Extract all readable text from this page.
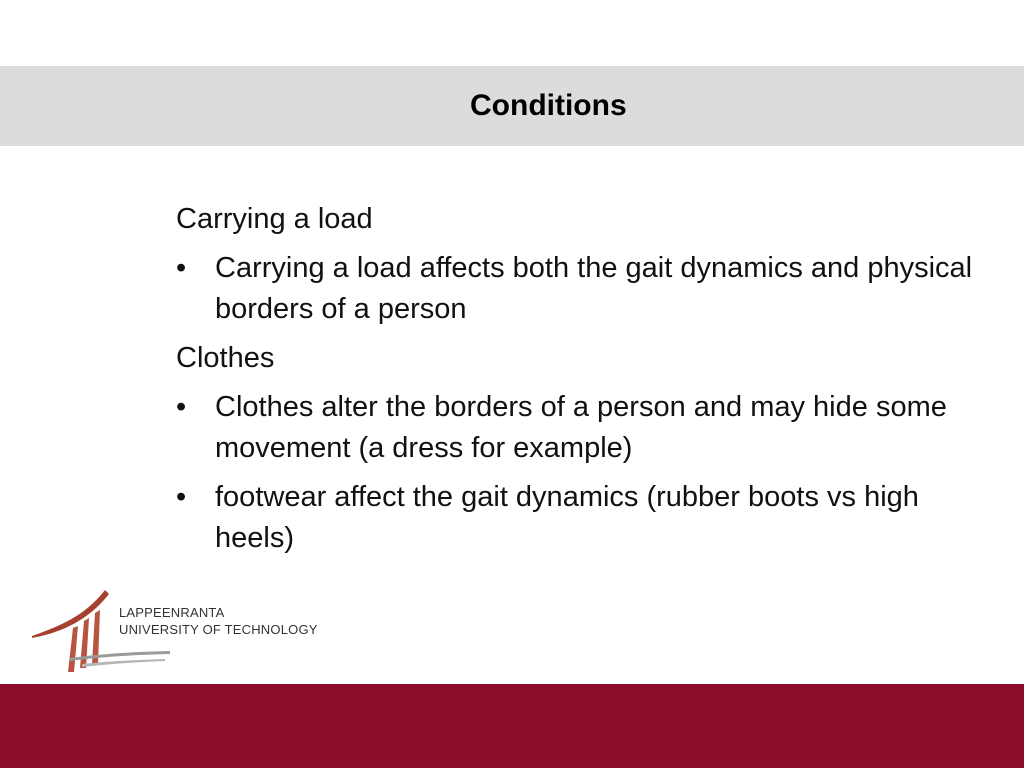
Conditions

Carrying a load

• Carrying a load affects both the gait dynamics and physical borders of a person

Clothes

• Clothes alter the borders of a person and may hide some movement (a dress for example)
• footwear affect the gait dynamics (rubber boots vs high heels)
LAPPEENRANTA
UNIVERSITY OF TECHNOLOGY
